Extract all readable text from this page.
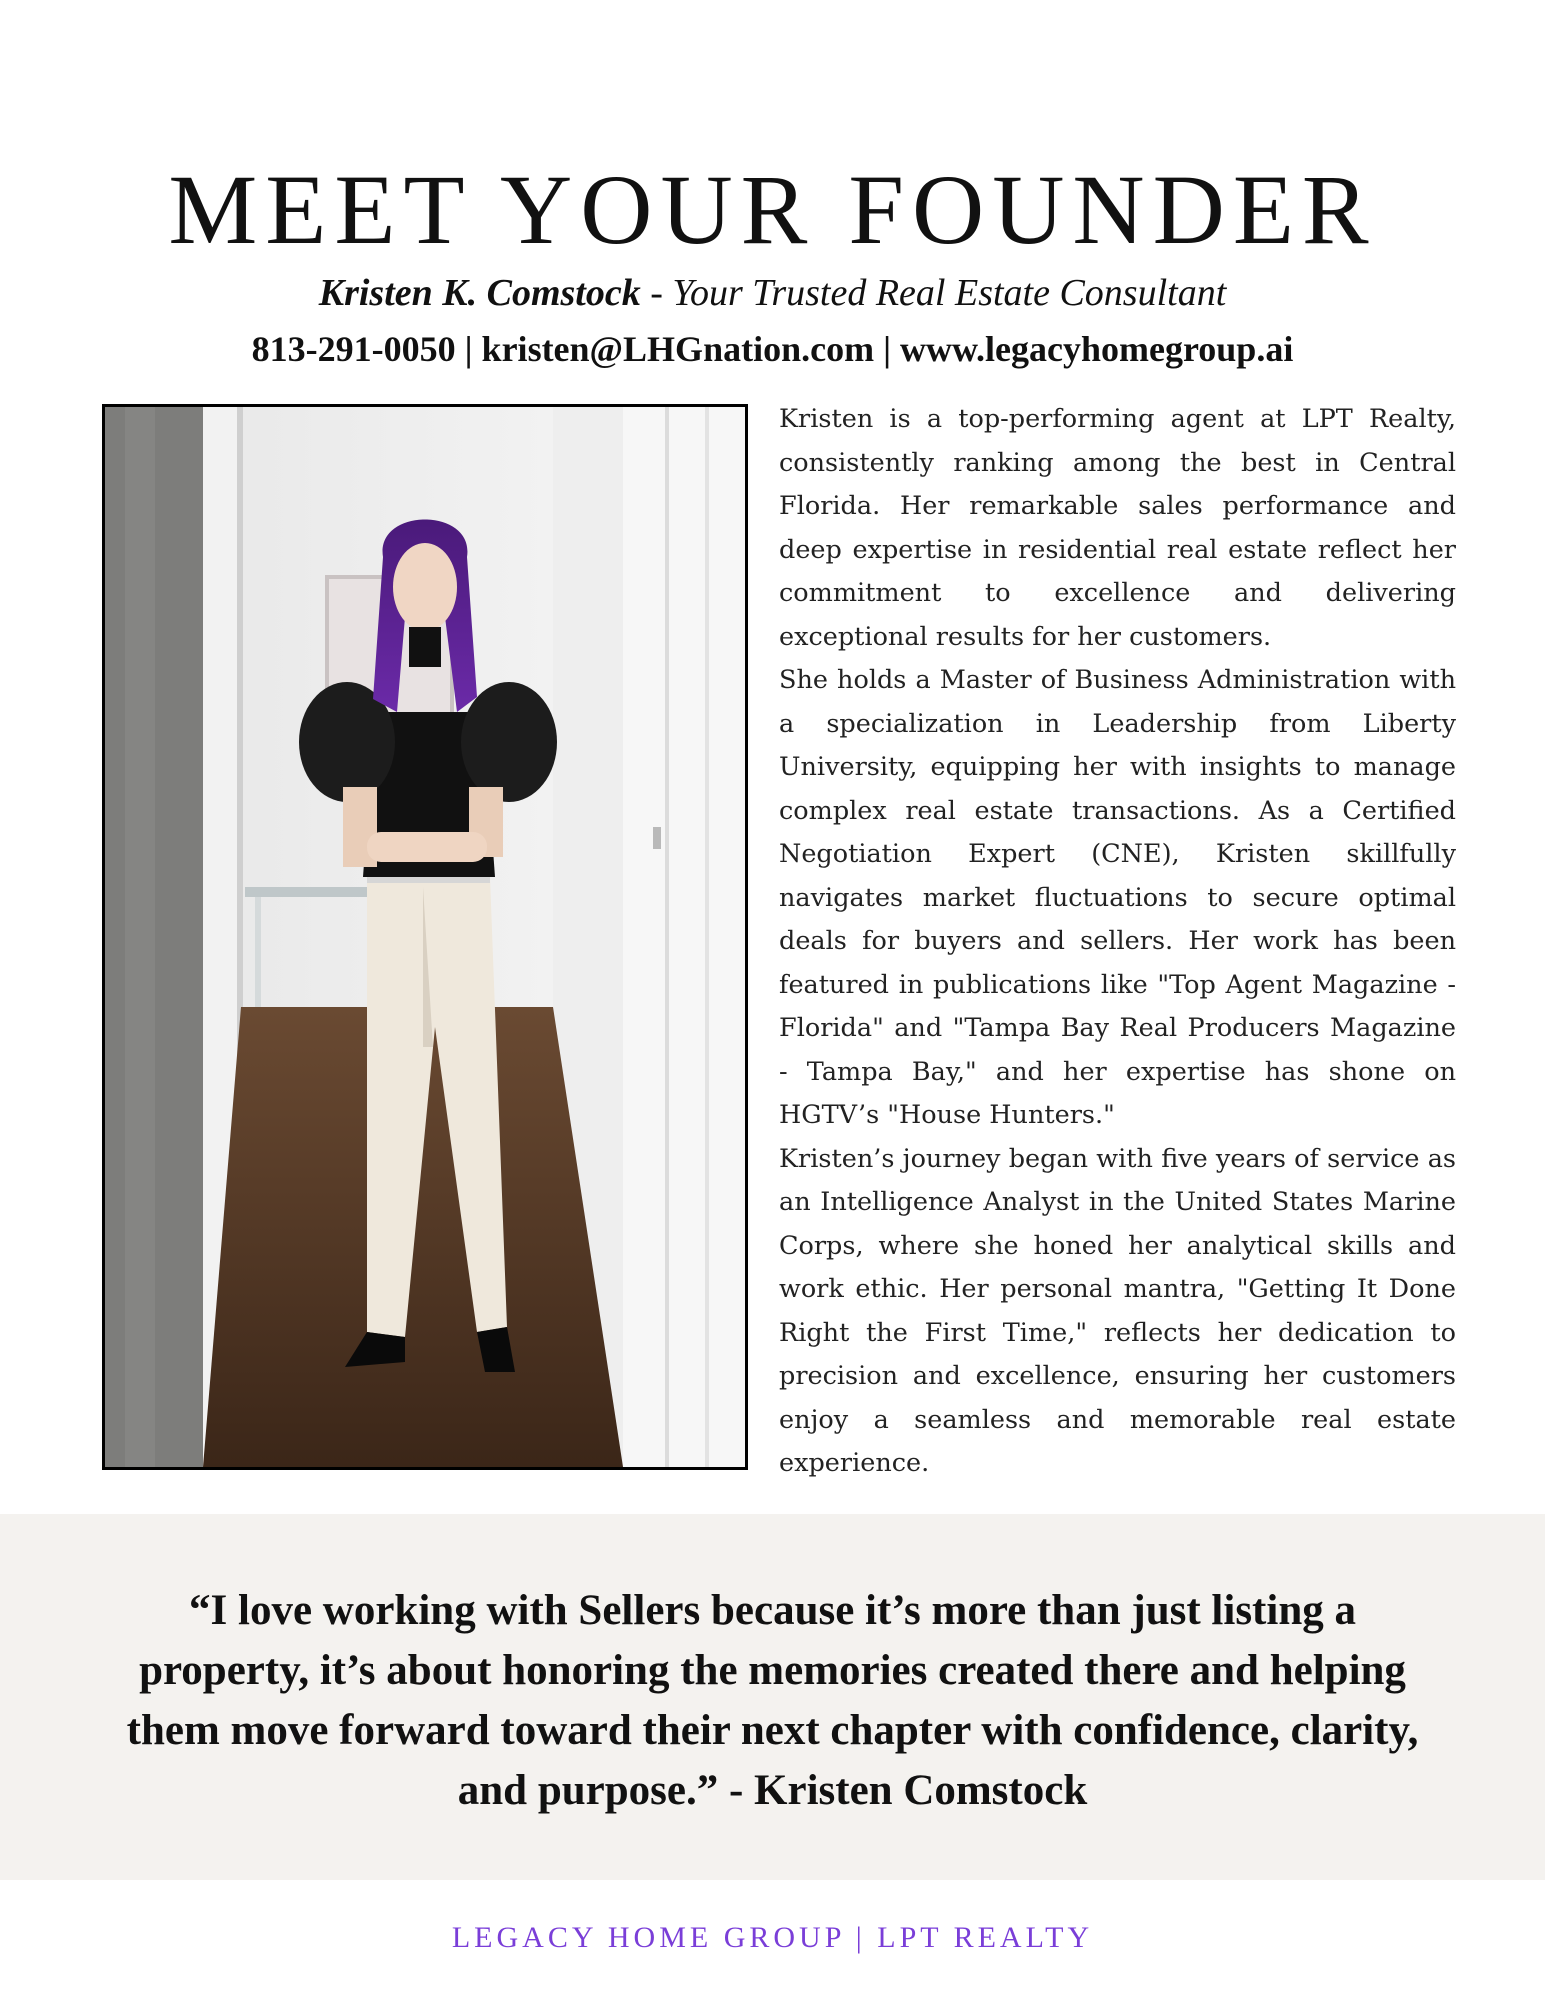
MEET YOUR FOUNDER
Kristen K. Comstock - Your Trusted Real Estate Consultant
813-291-0050 | kristen@LHGnation.com | www.legacyhomegroup.ai

Kristen is a top-performing agent at LPT Realty, consistently ranking among the best in Central Florida. Her remarkable sales performance and deep expertise in residential real estate reflect her commitment to excellence and delivering exceptional results for her customers.

She holds a Master of Business Administration with a specialization in Leadership from Liberty University, equipping her with insights to manage complex real estate transactions. As a Certified Negotiation Expert (CNE), Kristen skillfully navigates market fluctuations to secure optimal deals for buyers and sellers. Her work has been featured in publications like "Top Agent Magazine - Florida" and "Tampa Bay Real Producers Magazine - Tampa Bay," and her expertise has shone on HGTV’s "House Hunters."

Kristen’s journey began with five years of service as an Intelligence Analyst in the United States Marine Corps, where she honed her analytical skills and work ethic. Her personal mantra, "Getting It Done Right the First Time," reflects her dedication to precision and excellence, ensuring her customers enjoy a seamless and memorable real estate experience.

“I love working with Sellers because it’s more than just listing a property, it’s about honoring the memories created there and helping them move forward toward their next chapter with confidence, clarity, and purpose.” - Kristen Comstock
LEGACY HOME GROUP | LPT REALTY
